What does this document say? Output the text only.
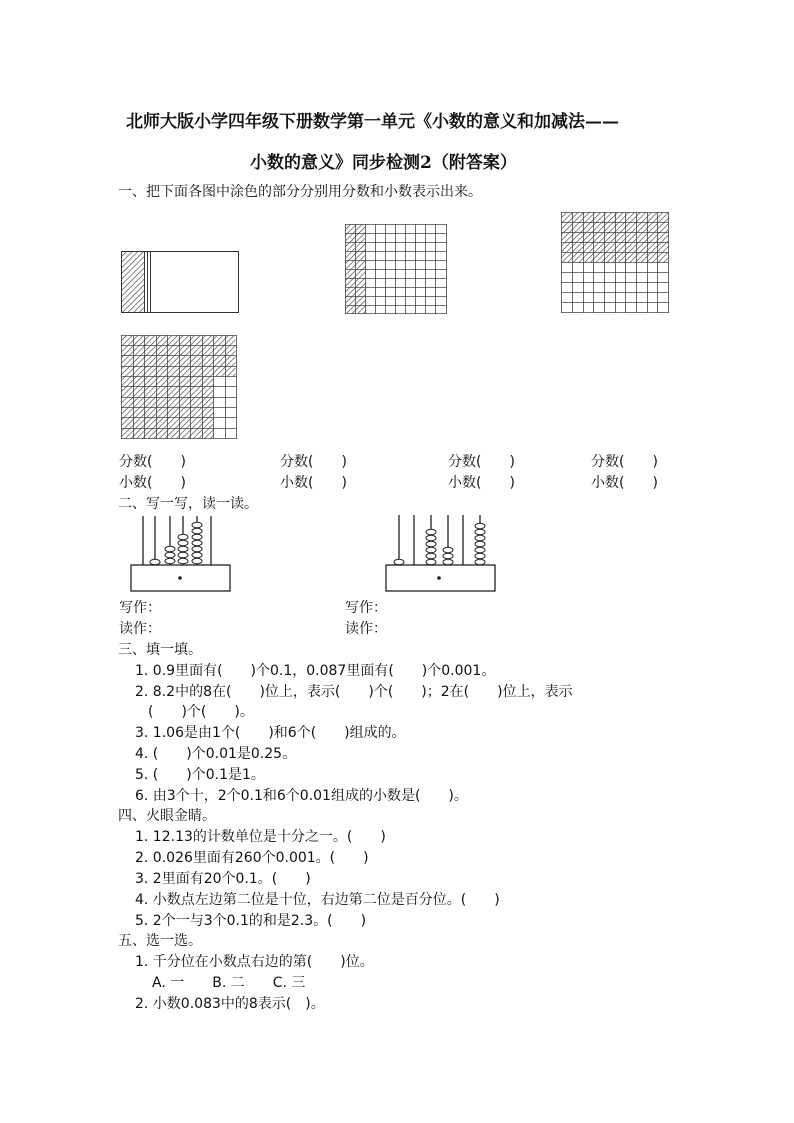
北师大版小学四年级下册数学第一单元《小数的意义和加减法——
小数的意义》同步检测2（附答案）
一、把下面各图中涂色的部分分别用分数和小数表示出来。
分数(　　)
小数(　　)
分数(　　)
小数(　　)
分数(　　)
小数(　　)
分数(　　)
小数(　　)
二、写一写，读一读。
写作：
读作：
写作：
读作：
三、填一填。
1. 0.9里面有(　　)个0.1，0.087里面有(　　)个0.001。
2. 8.2中的8在(　　)位上，表示(　　)个(　　)；2在(　　)位上，表示
(　　)个(　　)。
3. 1.06是由1个(　　)和6个(　　)组成的。
4. (　　)个0.01是0.25。
5. (　　)个0.1是1。
6. 由3个十，2个0.1和6个0.01组成的小数是(　　)。
四、火眼金睛。
1. 12.13的计数单位是十分之一。(　　)
2. 0.026里面有260个0.001。(　　)
3. 2里面有20个0.1。(　　)
4. 小数点左边第二位是十位，右边第二位是百分位。(　　)
5. 2个一与3个0.1的和是2.3。(　　)
五、选一选。
1. 千分位在小数点右边的第(　　)位。
A. 一　　B. 二　　C. 三
2. 小数0.083中的8表示(　)。
